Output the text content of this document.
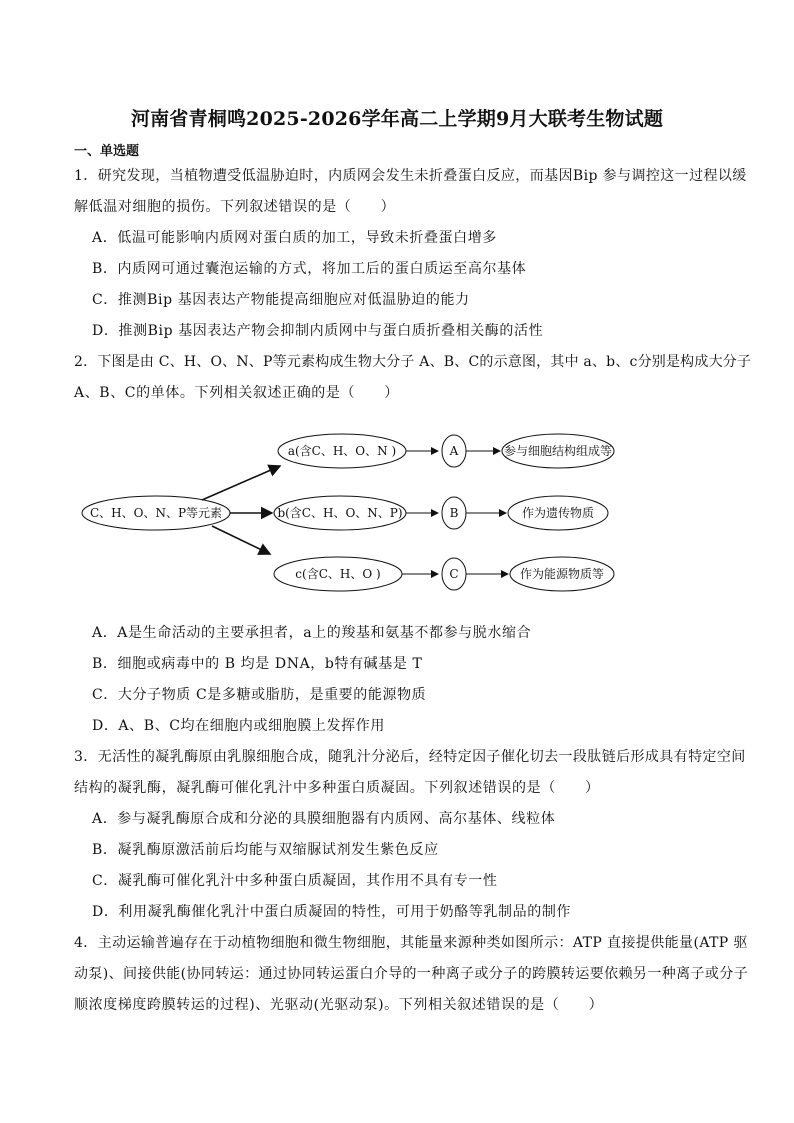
河南省青桐鸣2025-2026学年高二上学期9月大联考生物试题
一、单选题
1．研究发现，当植物遭受低温胁迫时，内质网会发生未折叠蛋白反应，而基因Bip 参与调控这一过程以缓
解低温对细胞的损伤。下列叙述错误的是（　　）
A．低温可能影响内质网对蛋白质的加工，导致未折叠蛋白增多
B．内质网可通过囊泡运输的方式，将加工后的蛋白质运至高尔基体
C．推测Bip 基因表达产物能提高细胞应对低温胁迫的能力
D．推测Bip 基因表达产物会抑制内质网中与蛋白质折叠相关酶的活性
2．下图是由 C、H、O、N、P等元素构成生物大分子 A、B、C的示意图，其中 a、b、c分别是构成大分子
A、B、C的单体。下列相关叙述正确的是（　　）
C、H、O、N、P等元素
a(含C、H、O、N )
b(含C、H、O、N、P)
c(含C、H、O )
A
B
C
参与细胞结构组成等
作为遗传物质
作为能源物质等
A．A是生命活动的主要承担者，a上的羧基和氨基不都参与脱水缩合
B．细胞或病毒中的 B 均是 DNA，b特有碱基是 T
C．大分子物质 C是多糖或脂肪，是重要的能源物质
D．A、B、C均在细胞内或细胞膜上发挥作用
3．无活性的凝乳酶原由乳腺细胞合成，随乳汁分泌后，经特定因子催化切去一段肽链后形成具有特定空间
结构的凝乳酶，凝乳酶可催化乳汁中多种蛋白质凝固。下列叙述错误的是（　　）
A．参与凝乳酶原合成和分泌的具膜细胞器有内质网、高尔基体、线粒体
B．凝乳酶原激活前后均能与双缩脲试剂发生紫色反应
C．凝乳酶可催化乳汁中多种蛋白质凝固，其作用不具有专一性
D．利用凝乳酶催化乳汁中蛋白质凝固的特性，可用于奶酪等乳制品的制作
4．主动运输普遍存在于动植物细胞和微生物细胞，其能量来源种类如图所示：ATP 直接提供能量(ATP 驱
动泵)、间接供能(协同转运：通过协同转运蛋白介导的一种离子或分子的跨膜转运要依赖另一种离子或分子
顺浓度梯度跨膜转运的过程)、光驱动(光驱动泵)。下列相关叙述错误的是（　　）
